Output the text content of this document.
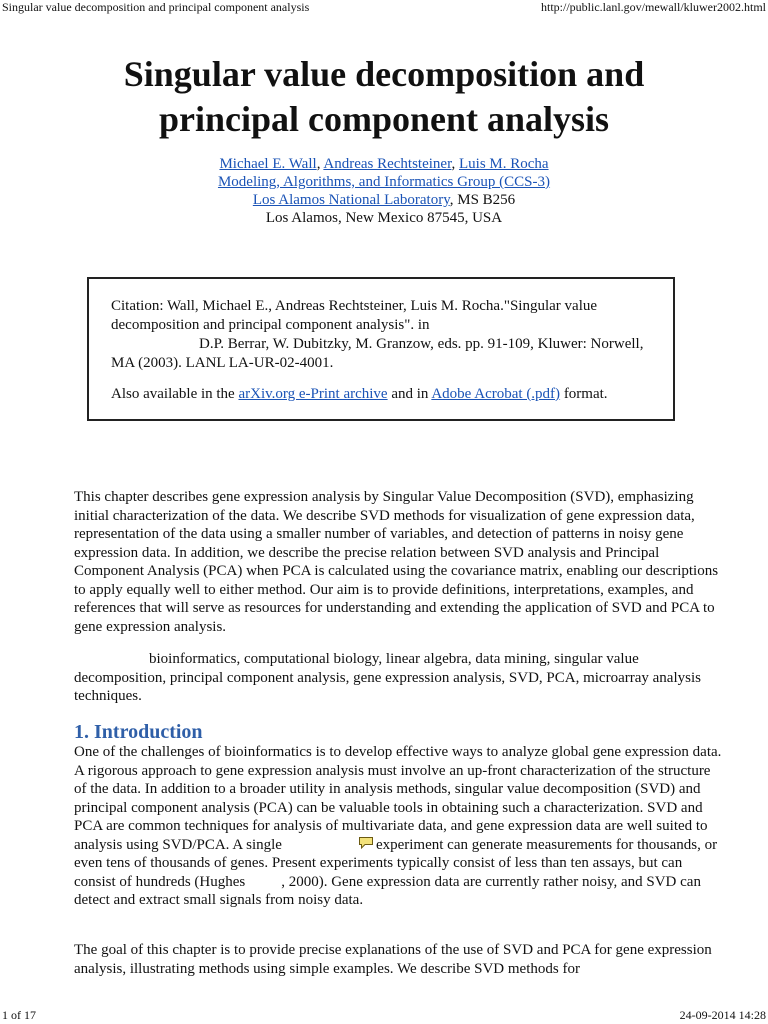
Singular value decomposition and principal component analysis	http://public.lanl.gov/mewall/kluwer2002.html
Singular value decomposition and
principal component analysis
Michael E. Wall, Andreas Rechtsteiner, Luis M. Rocha
Modeling, Algorithms, and Informatics Group (CCS-3)
Los Alamos National Laboratory, MS B256
Los Alamos, New Mexico 87545, USA

Citation: Wall, Michael E., Andreas Rechtsteiner, Luis M. Rocha."Singular value
decomposition and principal component analysis". in
D.P. Berrar, W. Dubitzky, M. Granzow, eds. pp. 91-109, Kluwer: Norwell,
MA (2003). LANL LA-UR-02-4001.

Also available in the arXiv.org e-Print archive and in Adobe Acrobat (.pdf) format.

This chapter describes gene expression analysis by Singular Value Decomposition (SVD), emphasizing initial characterization of the data. We describe SVD methods for visualization of gene expression data, representation of the data using a smaller number of variables, and detection of patterns in noisy gene expression data. In addition, we describe the precise relation between SVD analysis and Principal Component Analysis (PCA) when PCA is calculated using the covariance matrix, enabling our descriptions to apply equally well to either method. Our aim is to provide definitions, interpretations, examples, and references that will serve as resources for understanding and extending the application of SVD and PCA to gene expression analysis.

bioinformatics, computational biology, linear algebra, data mining, singular value decomposition, principal component analysis, gene expression analysis, SVD, PCA, microarray analysis techniques.

1. Introduction

One of the challenges of bioinformatics is to develop effective ways to analyze global gene expression data. A rigorous approach to gene expression analysis must involve an up-front characterization of the structure of the data. In addition to a broader utility in analysis methods, singular value decomposition (SVD) and principal component analysis (PCA) can be valuable tools in obtaining such a characterization. SVD and PCA are common techniques for analysis of multivariate data, and gene expression data are well suited to analysis using SVD/PCA. A single	experiment can generate measurements for thousands, or even tens of thousands of genes. Present experiments typically consist of less than ten assays, but can consist of hundreds (Hughes , 2000). Gene expression data are currently rather noisy, and SVD can detect and extract small signals from noisy data.

The goal of this chapter is to provide precise explanations of the use of SVD and PCA for gene expression analysis, illustrating methods using simple examples. We describe SVD methods for

1 of 17	24-09-2014 14:28
